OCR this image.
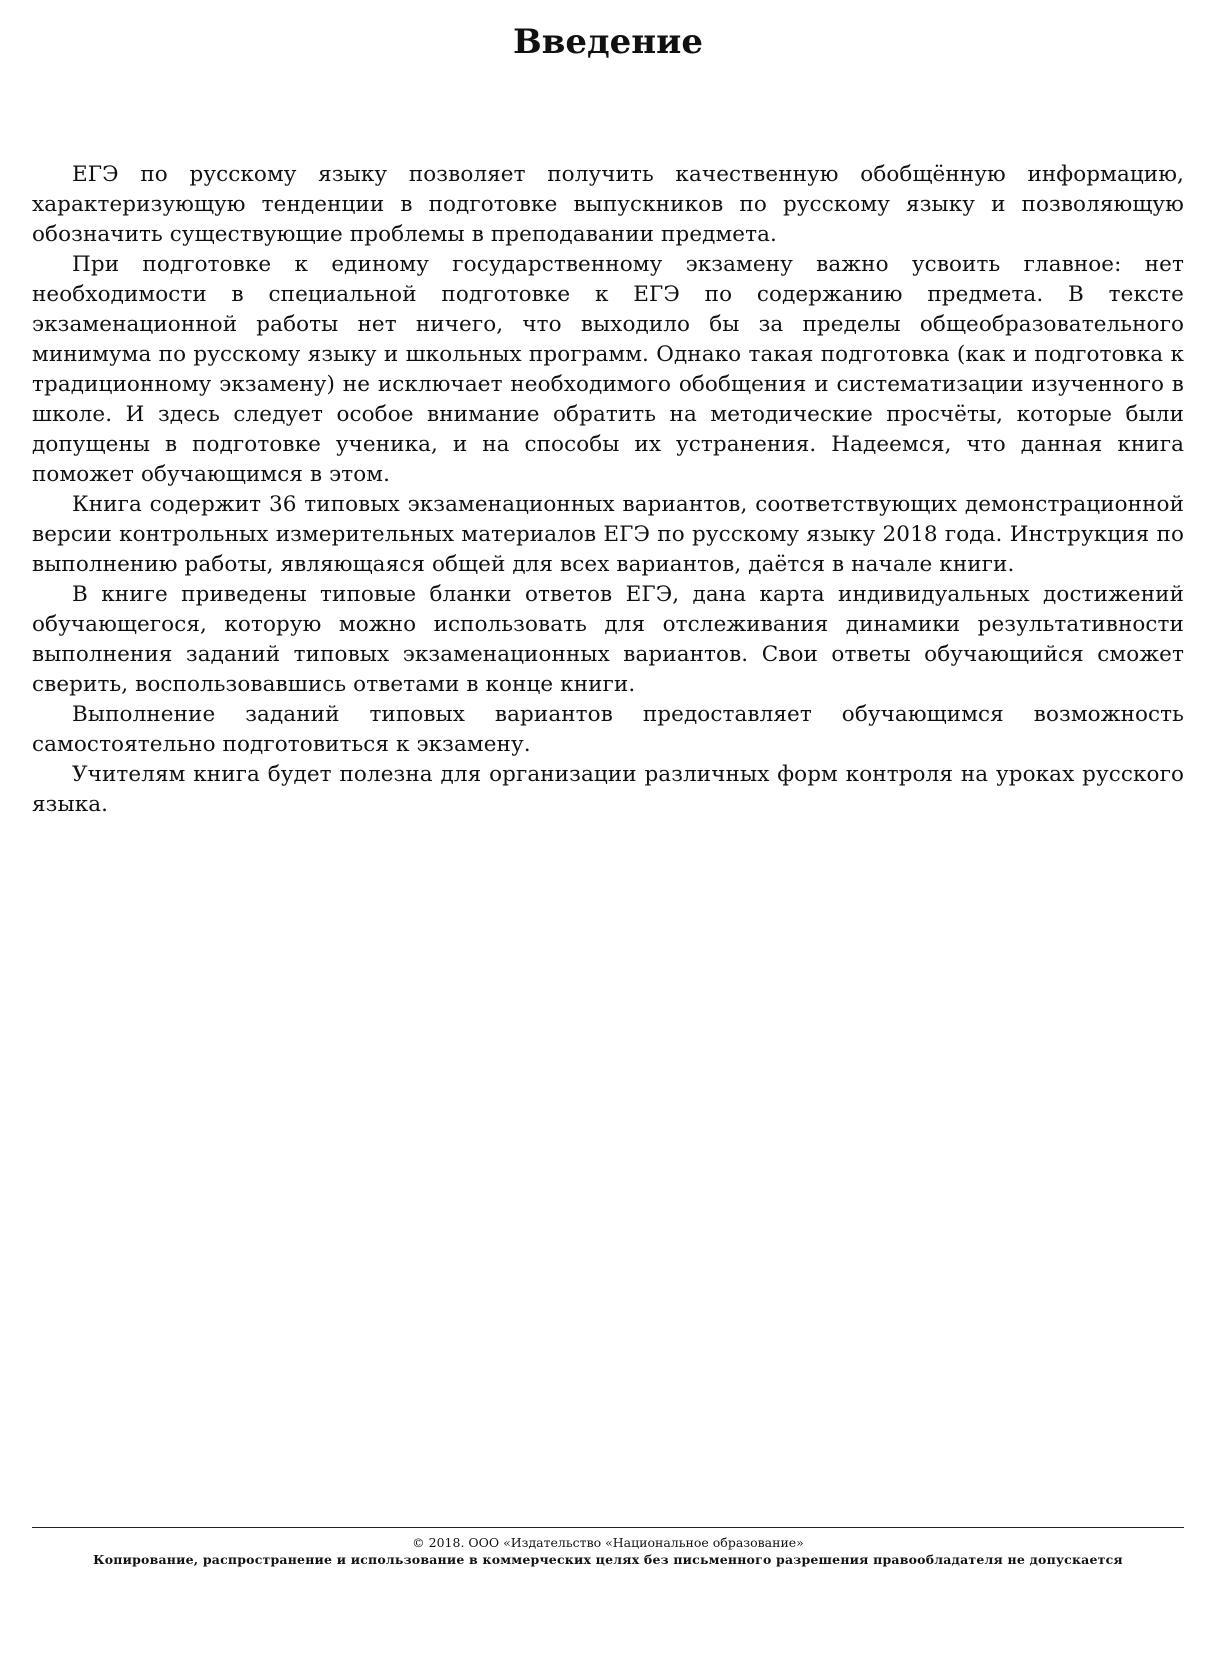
Введение

ЕГЭ по русскому языку позволяет получить качественную обобщённую информацию, характеризующую тенденции в подготовке выпускников по русскому языку и позволяющую обозначить существующие проблемы в преподавании предмета.

При подготовке к единому государственному экзамену важно усвоить главное: нет необходимости в специальной подготовке к ЕГЭ по содержанию предмета. В тексте экзаменационной работы нет ничего, что выходило бы за пределы общеобразовательного минимума по русскому языку и школьных программ. Однако такая подготовка (как и подготовка к традиционному экзамену) не исключает необходимого обобщения и систематизации изученного в школе. И здесь следует особое внимание обратить на методические просчёты, которые были допущены в подготовке ученика, и на способы их устранения. Надеемся, что данная книга поможет обучающимся в этом.

Книга содержит 36 типовых экзаменационных вариантов, соответствующих демонстрационной версии контрольных измерительных материалов ЕГЭ по русскому языку 2018 года. Инструкция по выполнению работы, являющаяся общей для всех вариантов, даётся в начале книги.

В книге приведены типовые бланки ответов ЕГЭ, дана карта индивидуальных достижений обучающегося, которую можно использовать для отслеживания динамики результативности выполнения заданий типовых экзаменационных вариантов. Свои ответы обучающийся сможет сверить, воспользовавшись ответами в конце книги.

Выполнение заданий типовых вариантов предоставляет обучающимся возможность самостоятельно подготовиться к экзамену.

Учителям книга будет полезна для организации различных форм контроля на уроках русского языка.

© 2018. ООО «Издательство «Национальное образование»
Копирование, распространение и использование в коммерческих целях без письменного разрешения правообладателя не допускается
